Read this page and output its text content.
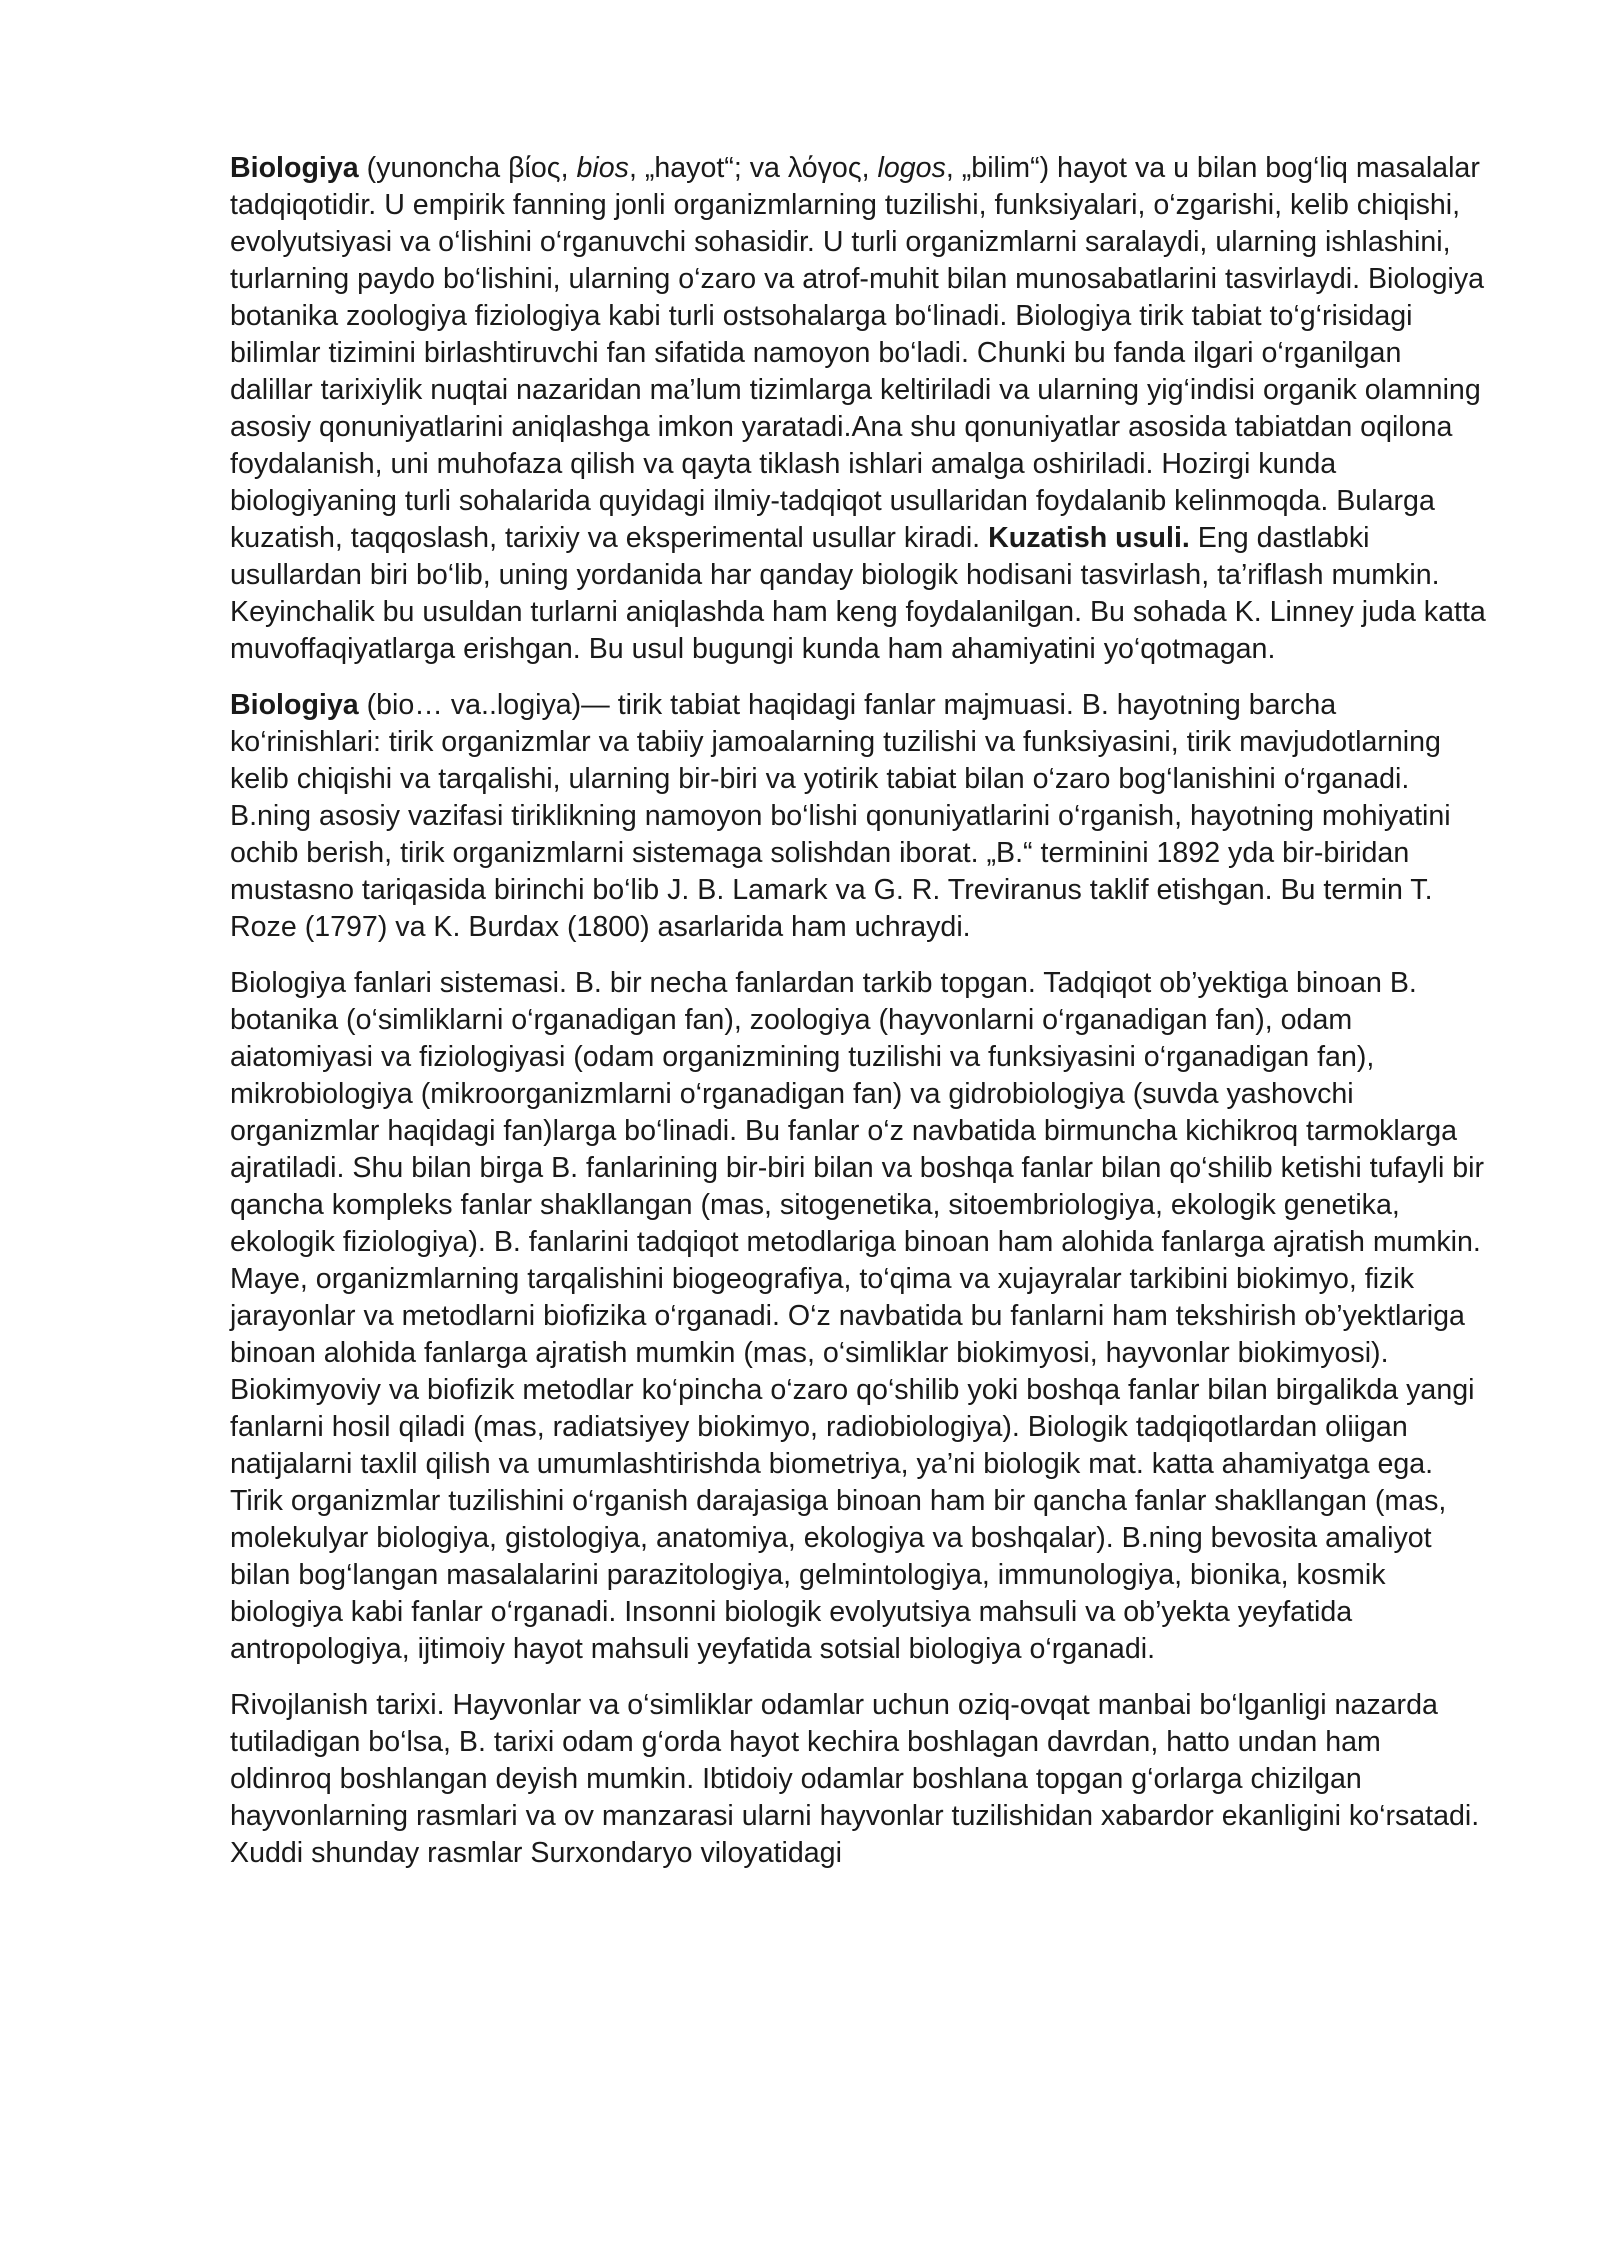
Biologiya (yunoncha βίος, bios, „hayot“; va λόγος, logos, „bilim“) hayot va u bilan bog‘liq masalalar tadqiqotidir. U empirik fanning jonli organizmlarning tuzilishi, funksiyalari, o‘zgarishi, kelib chiqishi, evolyutsiyasi va o‘lishini o‘rganuvchi sohasidir. U turli organizmlarni saralaydi, ularning ishlashini, turlarning paydo bo‘lishini, ularning o‘zaro va atrof-muhit bilan munosabatlarini tasvirlaydi. Biologiya botanika zoologiya fiziologiya kabi turli ostsohalarga bo‘linadi. Biologiya tirik tabiat to‘g‘risidagi bilimlar tizimini birlashtiruvchi fan sifatida namoyon bo‘ladi. Chunki bu fanda ilgari o‘rganilgan dalillar tarixiylik nuqtai nazaridan ma’lum tizimlarga keltiriladi va ularning yig‘indisi organik olamning asosiy qonuniyatlarini aniqlashga imkon yaratadi.Ana shu qonuniyatlar asosida tabiatdan oqilona foydalanish, uni muhofaza qilish va qayta tiklash ishlari amalga oshiriladi. Hozirgi kunda biologiyaning turli sohalarida quyidagi ilmiy-tadqiqot usullaridan foydalanib kelinmoqda. Bularga kuzatish, taqqoslash, tarixiy va eksperimental usullar kiradi. Kuzatish usuli. Eng dastlabki usullardan biri bo‘lib, uning yordanida har qanday biologik hodisani tasvirlash, ta’riflash mumkin. Keyinchalik bu usuldan turlarni aniqlashda ham keng foydalanilgan. Bu sohada K. Linney juda katta muvoffaqiyatlarga erishgan. Bu usul bugungi kunda ham ahamiyatini yo‘qotmagan.

Biologiya (bio… va..logiya)— tirik tabiat haqidagi fanlar majmuasi. B. hayotning barcha ko‘rinishlari: tirik organizmlar va tabiiy jamoalarning tuzilishi va funksiyasini, tirik mavjudotlarning kelib chiqishi va tarqalishi, ularning bir-biri va yotirik tabiat bilan o‘zaro bog‘lanishini o‘rganadi. B.ning asosiy vazifasi tiriklikning namoyon bo‘lishi qonuniyatlarini o‘rganish, hayotning mohiyatini ochib berish, tirik organizmlarni sistemaga solishdan iborat. „B.“ terminini 1892 yda bir-biridan mustasno tariqasida birinchi bo‘lib J. B. Lamark va G. R. Treviranus taklif etishgan. Bu termin T. Roze (1797) va K. Burdax (1800) asarlarida ham uchraydi.

Biologiya fanlari sistemasi. B. bir necha fanlardan tarkib topgan. Tadqiqot ob’yektiga binoan B. botanika (o‘simliklarni o‘rganadigan fan), zoologiya (hayvonlarni o‘rganadigan fan), odam aiatomiyasi va fiziologiyasi (odam organizmining tuzilishi va funksiyasini o‘rganadigan fan), mikrobiologiya (mikroorganizmlarni o‘rganadigan fan) va gidrobiologiya (suvda yashovchi organizmlar haqidagi fan)larga bo‘linadi. Bu fanlar o‘z navbatida birmuncha kichikroq tarmoklarga ajratiladi. Shu bilan birga B. fanlarining bir-biri bilan va boshqa fanlar bilan qo‘shilib ketishi tufayli bir qancha kompleks fanlar shakllangan (mas, sitogenetika, sitoembriologiya, ekologik genetika, ekologik fiziologiya). B. fanlarini tadqiqot metodlariga binoan ham alohida fanlarga ajratish mumkin. Maye, organizmlarning tarqalishini biogeografiya, to‘qima va xujayralar tarkibini biokimyo, fizik jarayonlar va metodlarni biofizika o‘rganadi. O‘z navbatida bu fanlarni ham tekshirish ob’yektlariga binoan alohida fanlarga ajratish mumkin (mas, o‘simliklar biokimyosi, hayvonlar biokimyosi). Biokimyoviy va biofizik metodlar ko‘pincha o‘zaro qo‘shilib yoki boshqa fanlar bilan birgalikda yangi fanlarni hosil qiladi (mas, radiatsiyey biokimyo, radiobiologiya). Biologik tadqiqotlardan oliigan natijalarni taxlil qilish va umumlashtirishda biometriya, ya’ni biologik mat. katta ahamiyatga ega. Tirik organizmlar tuzilishini o‘rganish darajasiga binoan ham bir qancha fanlar shakllangan (mas, molekulyar biologiya, gistologiya, anatomiya, ekologiya va boshqalar). B.ning bevosita amaliyot bilan bog‘langan masalalarini parazitologiya, gelmintologiya, immunologiya, bionika, kosmik biologiya kabi fanlar o‘rganadi. Insonni biologik evolyutsiya mahsuli va ob’yekta yeyfatida antropologiya, ijtimoiy hayot mahsuli yeyfatida sotsial biologiya o‘rganadi.

Rivojlanish tarixi. Hayvonlar va o‘simliklar odamlar uchun oziq-ovqat manbai bo‘lganligi nazarda tutiladigan bo‘lsa, B. tarixi odam g‘orda hayot kechira boshlagan davrdan, hatto undan ham oldinroq boshlangan deyish mumkin. Ibtidoiy odamlar boshlana topgan g‘orlarga chizilgan hayvonlarning rasmlari va ov manzarasi ularni hayvonlar tuzilishidan xabardor ekanligini ko‘rsatadi. Xuddi shunday rasmlar Surxondaryo viloyatidagi
